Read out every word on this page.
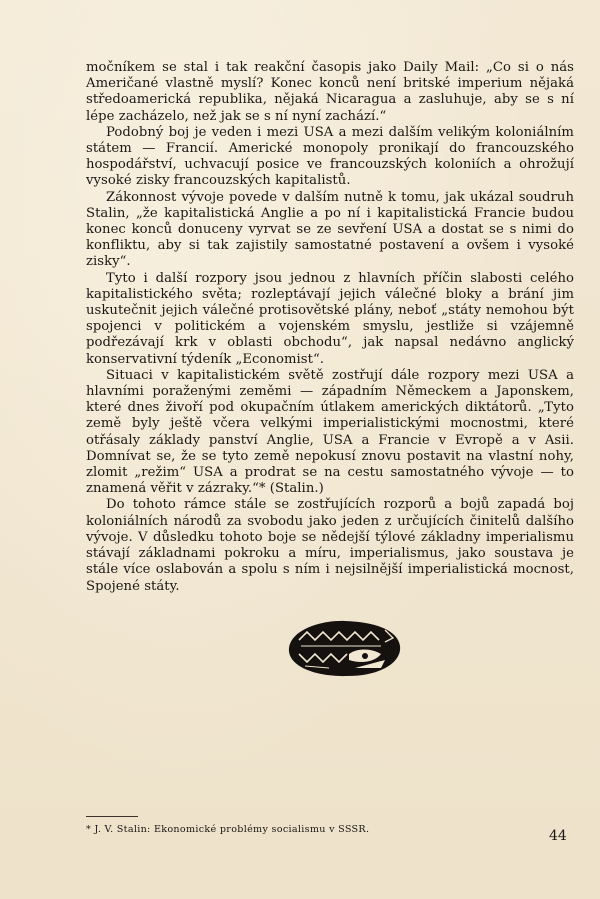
močníkem se stal i tak reakční časopis jako Daily Mail: „Co si o nás Američané vlastně myslí? Konec konců není britské imperium nějaká středoamerická republika, nějaká Nicaragua a zasluhuje, aby se s ní lépe zacházelo, než jak se s ní nyní zachází.“

Podobný boj je veden i mezi USA a mezi dalším velikým koloniálním státem — Francií. Americké monopoly pronikají do francouzského hospodářství, uchvacují posice ve francouzských koloniích a ohrožují vysoké zisky francouzských kapitalistů.

Zákonnost vývoje povede v dalším nutně k tomu, jak ukázal soudruh Stalin, „že kapitalistická Anglie a po ní i kapitalistická Francie budou konec konců donuceny vyrvat se ze sevření USA a dostat se s nimi do konfliktu, aby si tak zajistily samostatné postavení a ovšem i vysoké zisky“.

Tyto i další rozpory jsou jednou z hlavních příčin slabosti celého kapitalistického světa; rozleptávají jejich válečné bloky a brání jim uskutečnit jejich válečné protisovětské plány, neboť „státy nemohou být spojenci v politickém a vojenském smyslu, jestliže si vzájemně podřezávají krk v oblasti obchodu“, jak napsal nedávno anglický konservativní týdeník „Economist“.

Situaci v kapitalistickém světě zostřují dále rozpory mezi USA a hlavními poraženými zeměmi — západním Německem a Japonskem, které dnes živoří pod okupačním útlakem amerických diktátorů. „Tyto země byly ještě včera velkými imperialistickými mocnostmi, které otřásaly základy panství Anglie, USA a Francie v Evropě a v Asii. Domnívat se, že se tyto země nepokusí znovu postavit na vlastní nohy, zlomit „režim“ USA a prodrat se na cestu samostatného vývoje — to znamená věřit v zázraky.“* (Stalin.)

Do tohoto rámce stále se zostřujících rozporů a bojů zapadá boj koloniálních národů za svobodu jako jeden z určujících činitelů dalšího vývoje. V důsledku tohoto boje se nědejší týlové základny imperialismu stávají základnami pokroku a míru, imperialismus, jako soustava je stále více oslabován a spolu s ním i nejsilnější imperialistická mocnost, Spojené státy.

* J. V. Stalin: Ekonomické problémy socialismu v SSSR.	44
